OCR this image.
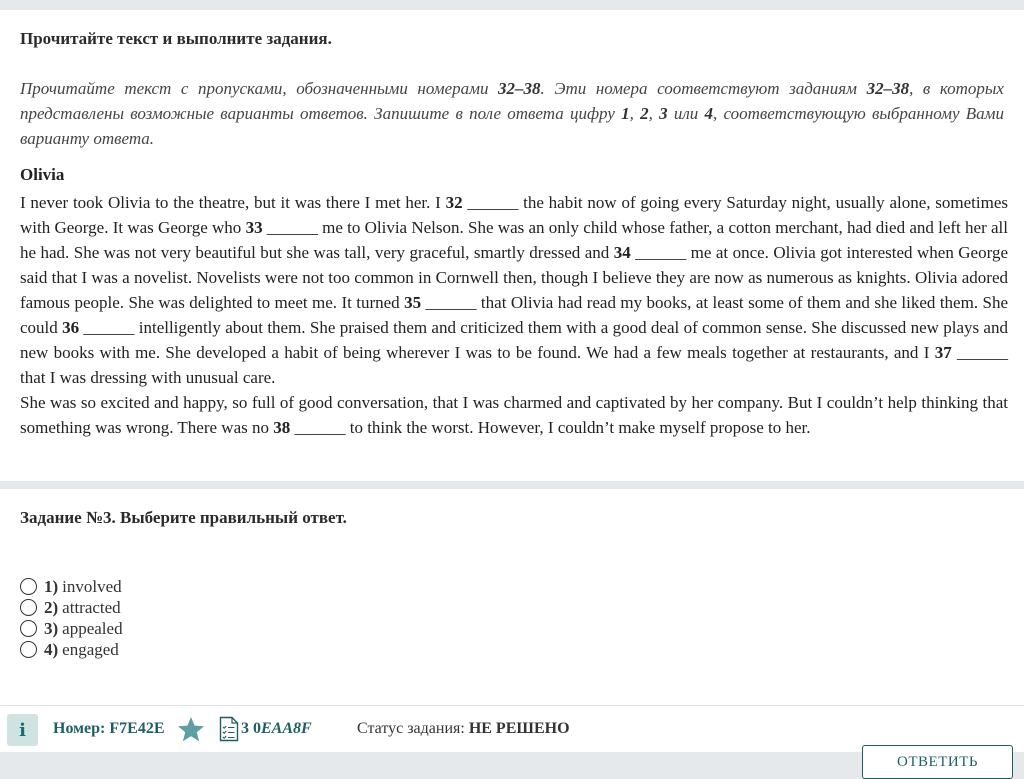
Прочитайте текст и выполните задания.
Прочитайте текст с пропусками, обозначенными номерами 32–38. Эти номера соответствуют заданиям 32–38, в которых представлены возможные варианты ответов. Запишите в поле ответа цифру 1, 2, 3 или 4, соответствующую выбранному Вами варианту ответа.
Olivia

I never took Olivia to the theatre, but it was there I met her. I 32 ______ the habit now of going every Saturday night, usually alone, sometimes with George. It was George who 33 ______ me to Olivia Nelson. She was an only child whose father, a cotton merchant, had died and left her all he had. She was not very beautiful but she was tall, very graceful, smartly dressed and 34 ______ me at once. Olivia got interested when George said that I was a novelist. Novelists were not too common in Cornwell then, though I believe they are now as numerous as knights. Olivia adored famous people. She was delighted to meet me. It turned 35 ______ that Olivia had read my books, at least some of them and she liked them. She could 36 ______ intelligently about them. She praised them and criticized them with a good deal of common sense. She discussed new plays and new books with me. She developed a habit of being wherever I was to be found. We had a few meals together at restaurants, and I 37 ______ that I was dressing with unusual care.

She was so excited and happy, so full of good conversation, that I was charmed and captivated by her company. But I couldn’t help thinking that something was wrong. There was no 38 ______ to think the worst. However, I couldn’t make myself propose to her.

Задание №3. Выберите правильный ответ.
1) involved
2) attracted
3) appealed
4) engaged
i	Номер: F7E42E	3 0EAA8F	Статус задания: НЕ РЕШЕНО
ОТВЕТИТЬ
